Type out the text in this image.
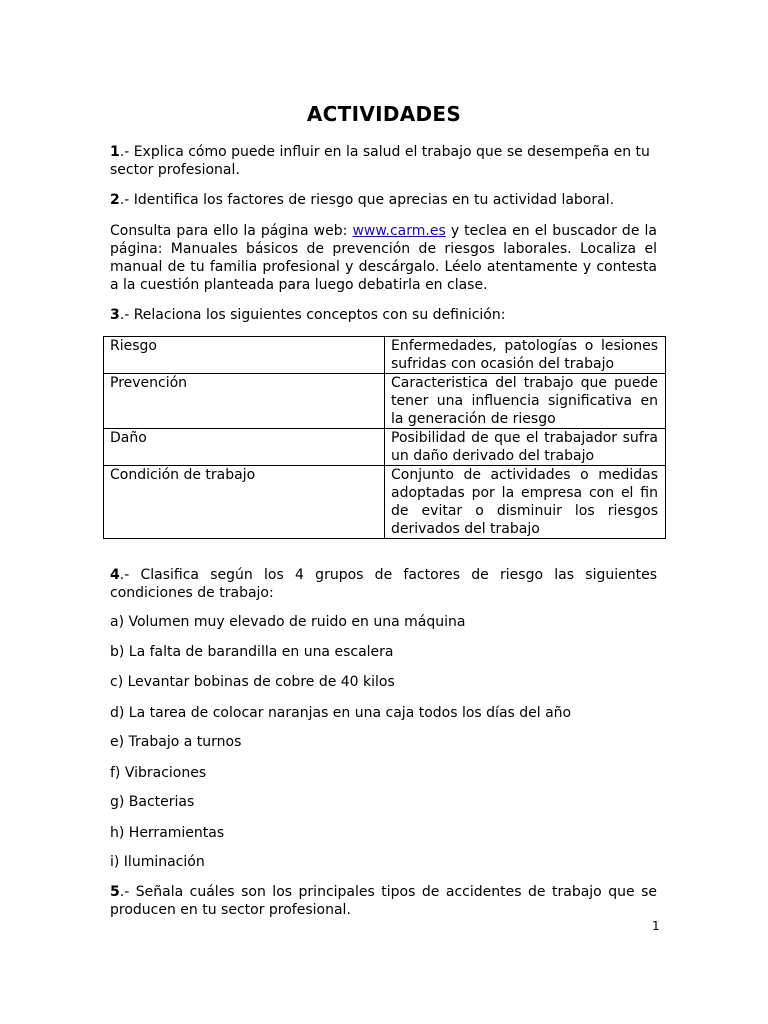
ACTIVIDADES

1.- Explica cómo puede influir en la salud el trabajo que se desempeña en tu sector profesional.

2.- Identifica los factores de riesgo que aprecias en tu actividad laboral.

Consulta para ello la página web: www.carm.es y teclea en el buscador de la página: Manuales básicos de prevención de riesgos laborales. Localiza el manual de tu familia profesional y descárgalo. Léelo atentamente y contesta a la cuestión planteada para luego debatirla en clase.

3.- Relaciona los siguientes conceptos con su definición:

Riesgo	Enfermedades, patologías o lesiones sufridas con ocasión del trabajo
Prevención	Caracteristica del trabajo que puede tener una influencia significativa en la generación de riesgo
Daño	Posibilidad de que el trabajador sufra un daño derivado del trabajo
Condición de trabajo	Conjunto de actividades o medidas adoptadas por la empresa con el fin de evitar o disminuir los riesgos derivados del trabajo

4.- Clasifica según los 4 grupos de factores de riesgo las siguientes condiciones de trabajo:

a) Volumen muy elevado de ruido en una máquina

b) La falta de barandilla en una escalera

c) Levantar bobinas de cobre de 40 kilos

d) La tarea de colocar naranjas en una caja todos los días del año

e) Trabajo a turnos

f) Vibraciones

g) Bacterias

h) Herramientas

i) Iluminación

5.- Señala cuáles son los principales tipos de accidentes de trabajo que se producen en tu sector profesional.

1
